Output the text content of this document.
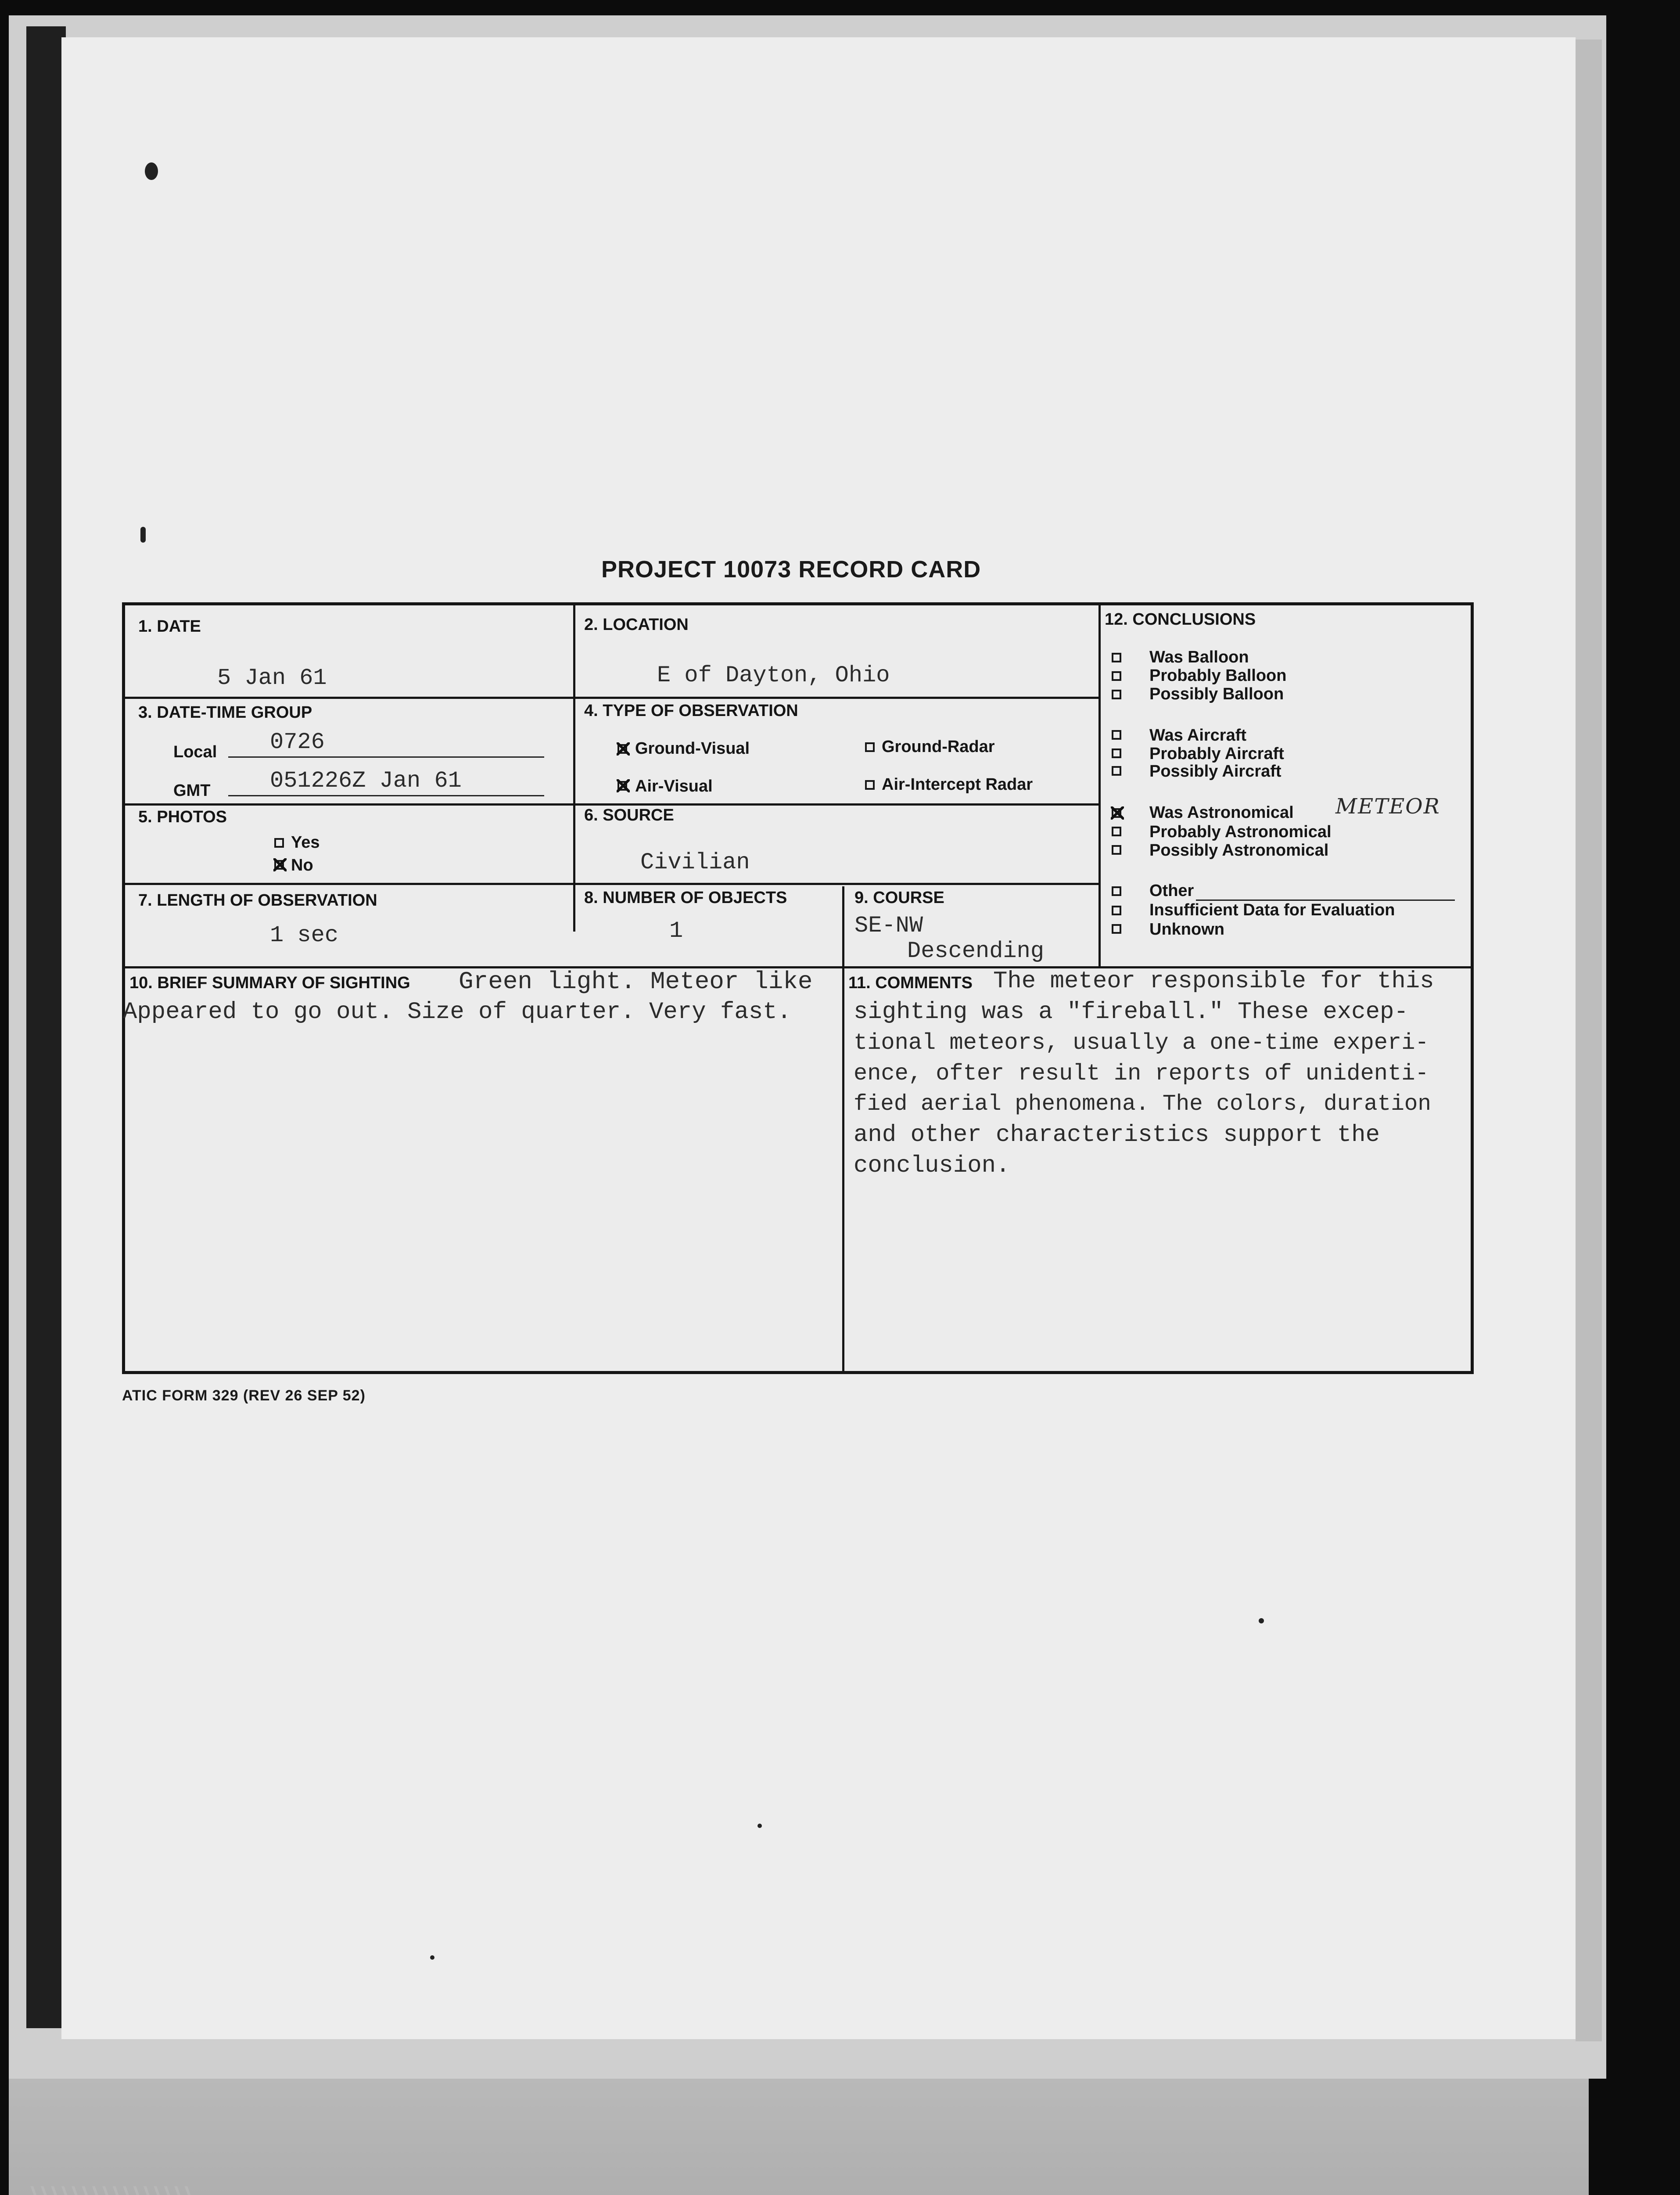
PROJECT 10073 RECORD CARD
1. DATE
5 Jan 61
2. LOCATION
E of Dayton, Ohio
3. DATE-TIME GROUP
Local 0726
GMT	051226Z Jan 61
4. TYPE OF OBSERVATION
Ground-Visual	Ground-Radar
Air-Visual	Air-Intercept Radar
5. PHOTOS
Yes
No
6. SOURCE
Civilian
7. LENGTH OF OBSERVATION
1 sec
8. NUMBER OF OBJECTS
1
9. COURSE
SE-NW
Descending
12. CONCLUSIONS
Was Balloon
Probably Balloon
Possibly Balloon
Was Aircraft
Probably Aircraft
Possibly Aircraft
Was Astronomical METEOR
Probably Astronomical
Possibly Astronomical
Other
Insufficient Data for Evaluation
Unknown
10. BRIEF SUMMARY OF SIGHTING Green light. Meteor like
Appeared to go out. Size of quarter. Very fast.
11. COMMENTS The meteor responsible for this
sighting was a "fireball." These excep-
tional meteors, usually a one-time experi-
ence, ofter result in reports of unidenti-
fied aerial phenomena. The colors, duration
and other characteristics support the
conclusion.
ATIC FORM 329 (REV 26 SEP 52)
